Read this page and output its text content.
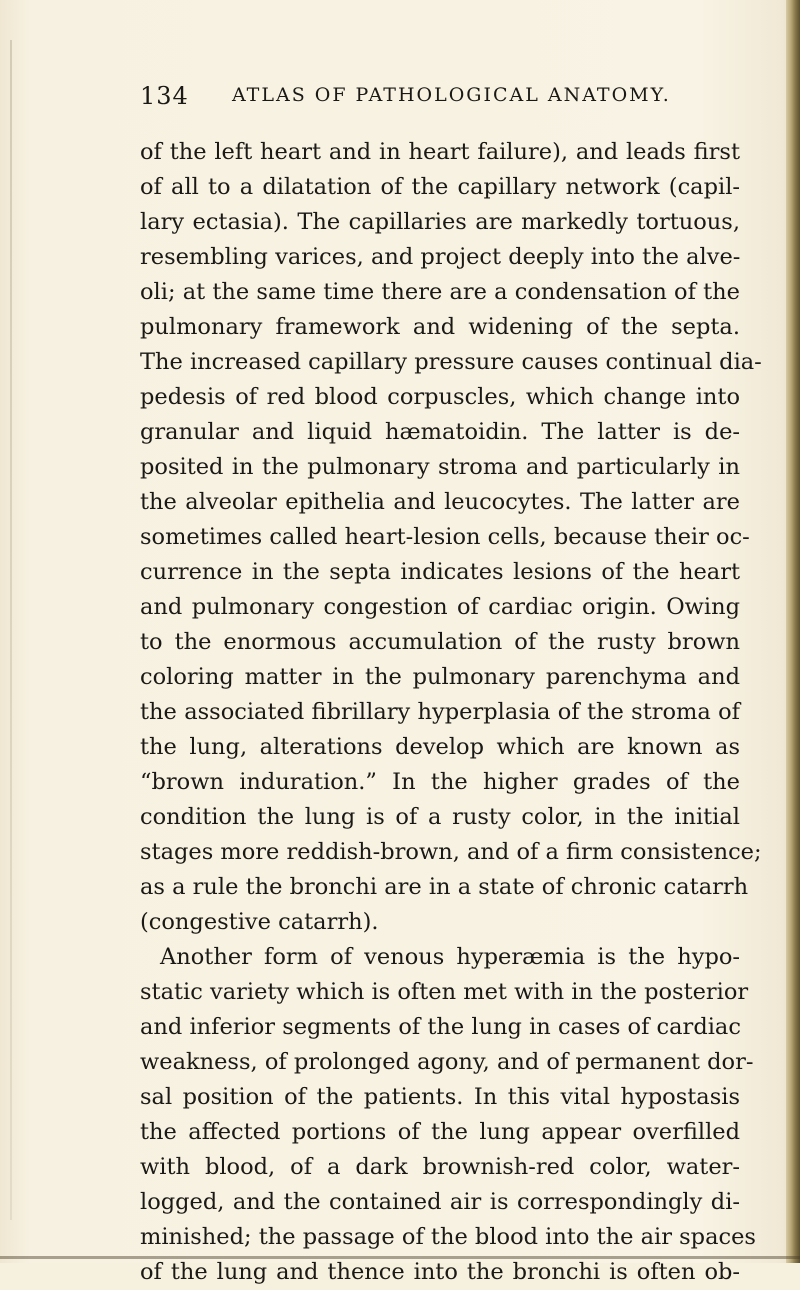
134 ATLAS OF PATHOLOGICAL ANATOMY.
of the left heart and in heart failure), and leads first
of all to a dilatation of the capillary network (capil-
lary ectasia). The capillaries are markedly tortuous,
resembling varices, and project deeply into the alve-
oli; at the same time there are a condensation of the
pulmonary framework and widening of the septa.
The increased capillary pressure causes continual dia-
pedesis of red blood corpuscles, which change into
granular and liquid hæmatoidin. The latter is de-
posited in the pulmonary stroma and particularly in
the alveolar epithelia and leucocytes. The latter are
sometimes called heart-lesion cells, because their oc-
currence in the septa indicates lesions of the heart
and pulmonary congestion of cardiac origin. Owing
to the enormous accumulation of the rusty brown
coloring matter in the pulmonary parenchyma and
the associated fibrillary hyperplasia of the stroma of
the lung, alterations develop which are known as
“brown induration.” In the higher grades of the
condition the lung is of a rusty color, in the initial
stages more reddish-brown, and of a firm consistence;
as a rule the bronchi are in a state of chronic catarrh
(congestive catarrh).
Another form of venous hyperæmia is the hypo-
static variety which is often met with in the posterior
and inferior segments of the lung in cases of cardiac
weakness, of prolonged agony, and of permanent dor-
sal position of the patients. In this vital hypostasis
the affected portions of the lung appear overfilled
with blood, of a dark brownish-red color, water-
logged, and the contained air is correspondingly di-
minished; the passage of the blood into the air spaces
of the lung and thence into the bronchi is often ob-
